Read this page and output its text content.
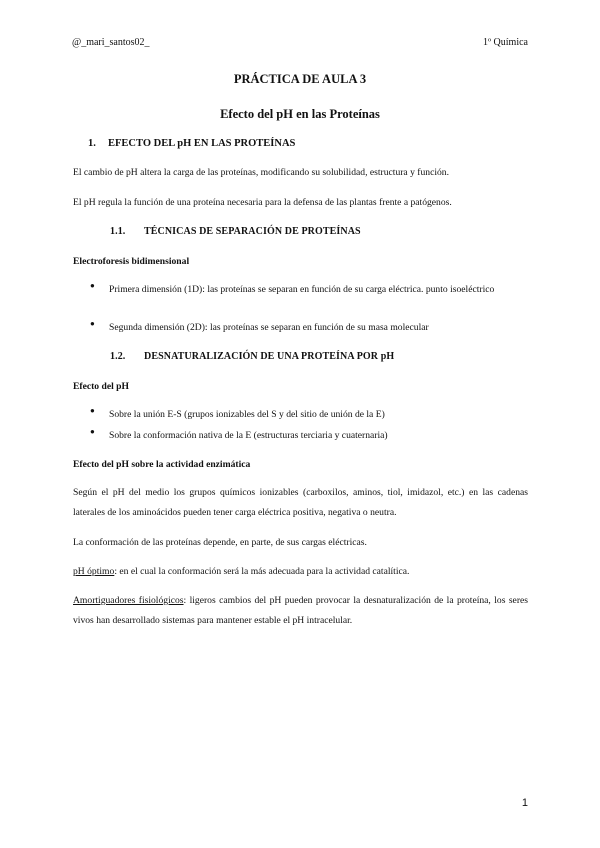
@_mari_santos02_	1º Química
PRÁCTICA DE AULA 3
Efecto del pH en las Proteínas
1. EFECTO DEL pH EN LAS PROTEÍNAS
El cambio de pH altera la carga de las proteínas, modificando su solubilidad, estructura y función.
El pH regula la función de una proteína necesaria para la defensa de las plantas frente a patógenos.
1.1. TÉCNICAS DE SEPARACIÓN DE PROTEÍNAS
Electroforesis bidimensional
● Primera dimensión (1D): las proteínas se separan en función de su carga eléctrica. punto isoeléctrico
● Segunda dimensión (2D): las proteínas se separan en función de su masa molecular
1.2. DESNATURALIZACIÓN DE UNA PROTEÍNA POR pH
Efecto del pH
● Sobre la unión E-S (grupos ionizables del S y del sitio de unión de la E)
● Sobre la conformación nativa de la E (estructuras terciaria y cuaternaria)
Efecto del pH sobre la actividad enzimática
Según el pH del medio los grupos químicos ionizables (carboxilos, aminos, tiol, imidazol, etc.) en las cadenas laterales de los aminoácidos pueden tener carga eléctrica positiva, negativa o neutra.
La conformación de las proteínas depende, en parte, de sus cargas eléctricas.
pH óptimo: en el cual la conformación será la más adecuada para la actividad catalítica.
Amortiguadores fisiológicos: ligeros cambios del pH pueden provocar la desnaturalización de la proteína, los seres vivos han desarrollado sistemas para mantener estable el pH intracelular.
1
